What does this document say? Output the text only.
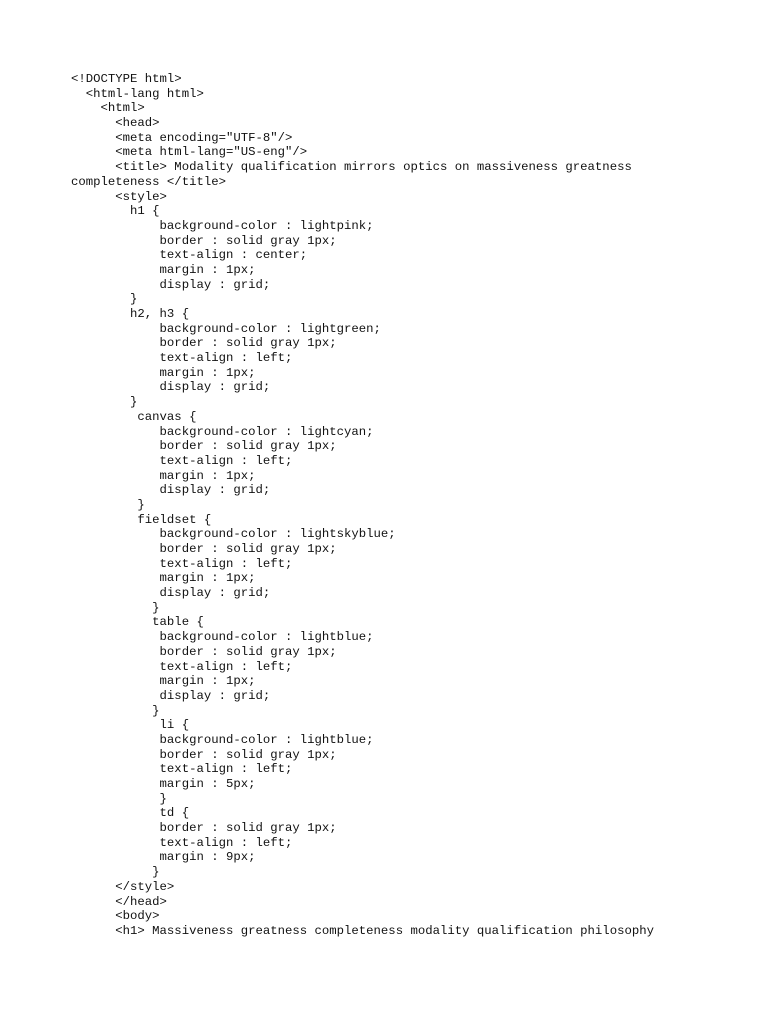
<!DOCTYPE html>
<html-lang html>
<html>
<head>
<meta encoding="UTF-8"/>
<meta html-lang="US-eng"/>
<title> Modality qualification mirrors optics on massiveness greatness
completeness </title>
<style>
h1 {
background-color : lightpink;
border : solid gray 1px;
text-align : center;
margin : 1px;
display : grid;
}
h2, h3 {
background-color : lightgreen;
border : solid gray 1px;
text-align : left;
margin : 1px;
display : grid;
}
canvas {
background-color : lightcyan;
border : solid gray 1px;
text-align : left;
margin : 1px;
display : grid;
}
fieldset {
background-color : lightskyblue;
border : solid gray 1px;
text-align : left;
margin : 1px;
display : grid;
}
table {
background-color : lightblue;
border : solid gray 1px;
text-align : left;
margin : 1px;
display : grid;
}
li {
background-color : lightblue;
border : solid gray 1px;
text-align : left;
margin : 5px;
}
td {
border : solid gray 1px;
text-align : left;
margin : 9px;
}
</style>
</head>
<body>
<h1> Massiveness greatness completeness modality qualification philosophy
